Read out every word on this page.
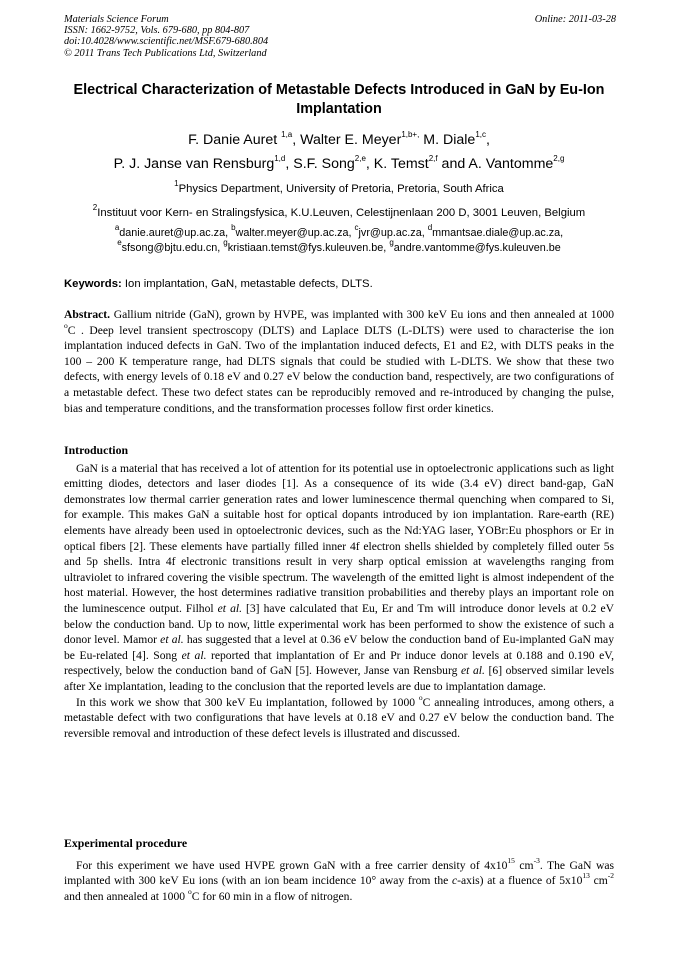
Materials Science Forum
ISSN: 1662-9752, Vols. 679-680, pp 804-807
doi:10.4028/www.scientific.net/MSF.679-680.804
© 2011 Trans Tech Publications Ltd, Switzerland
Online: 2011-03-28
Electrical Characterization of Metastable Defects Introduced in GaN by Eu-Ion Implantation
F. Danie Auret $^{1,a}$, Walter E. Meyer$^{1,b+,}$ M. Diale$^{1,c}$,
P. J. Janse van Rensburg$^{1,d}$, S.F. Song$^{2,e}$, K. Temst$^{2,f}$ and A. Vantomme$^{2,g}$
$^1$Physics Department, University of Pretoria, Pretoria, South Africa
$^2$Instituut voor Kern- en Stralingsfysica, K.U.Leuven, Celestijnenlaan 200 D, 3001 Leuven, Belgium
$^a$danie.auret@up.ac.za, $^b$walter.meyer@up.ac.za, $^c$jvr@up.ac.za, $^d$mmantsae.diale@up.ac.za,
$^e$sfsong@bjtu.edu.cn, $^g$kristiaan.temst@fys.kuleuven.be, $^g$andre.vantomme@fys.kuleuven.be
Keywords: Ion implantation, GaN, metastable defects, DLTS.

Abstract. Gallium nitride (GaN), grown by HVPE, was implanted with 300 keV Eu ions and then annealed at 1000 $^o$C . Deep level transient spectroscopy (DLTS) and Laplace DLTS (L-DLTS) were used to characterise the ion implantation induced defects in GaN. Two of the implantation induced defects, E1 and E2, with DLTS peaks in the 100 – 200 K temperature range, had DLTS signals that could be studied with L-DLTS. We show that these two defects, with energy levels of 0.18 eV and 0.27 eV below the conduction band, respectively, are two configurations of a metastable defect. These two defect states can be reproducibly removed and re-introduced by changing the pulse, bias and temperature conditions, and the transformation processes follow first order kinetics.

Introduction

GaN is a material that has received a lot of attention for its potential use in optoelectronic applications such as light emitting diodes, detectors and laser diodes [1]. As a consequence of its wide (3.4 eV) direct band-gap, GaN demonstrates low thermal carrier generation rates and lower luminescence thermal quenching when compared to Si, for example. This makes GaN a suitable host for optical dopants introduced by ion implantation. Rare-earth (RE) elements have already been used in optoelectronic devices, such as the Nd:YAG laser, YOBr:Eu phosphors or Er in optical fibers [2]. These elements have partially filled inner 4f electron shells shielded by completely filled outer 5s and 5p shells. Intra 4f electronic transitions result in very sharp optical emission at wavelengths ranging from ultraviolet to infrared covering the visible spectrum. The wavelength of the emitted light is almost independent of the host material. However, the host determines radiative transition probabilities and thereby plays an important role on the luminescence output. Filhol et al. [3] have calculated that Eu, Er and Tm will introduce donor levels at 0.2 eV below the conduction band. Up to now, little experimental work has been performed to show the existence of such a donor level. Mamor et al. has suggested that a level at 0.36 eV below the conduction band of Eu-implanted GaN may be Eu-related [4]. Song et al. reported that implantation of Er and Pr induce donor levels at 0.188 and 0.190 eV, respectively, below the conduction band of GaN [5]. However, Janse van Rensburg et al. [6] observed similar levels after Xe implantation, leading to the conclusion that the reported levels are due to implantation damage.

In this work we show that 300 keV Eu implantation, followed by 1000 $^o$C annealing introduces, among others, a metastable defect with two configurations that have levels at 0.18 eV and 0.27 eV below the conduction band. The reversible removal and introduction of these defect levels is illustrated and discussed.

Experimental procedure

For this experiment we have used HVPE grown GaN with a free carrier density of $4x10^{15}$ $cm^{-3}$. The GaN was implanted with 300 keV Eu ions (with an ion beam incidence 10° away from the c-axis) at a fluence of $5x10^{13}$ $cm^{-2}$ and then annealed at 1000 $^o$C for 60 min in a flow of nitrogen.
